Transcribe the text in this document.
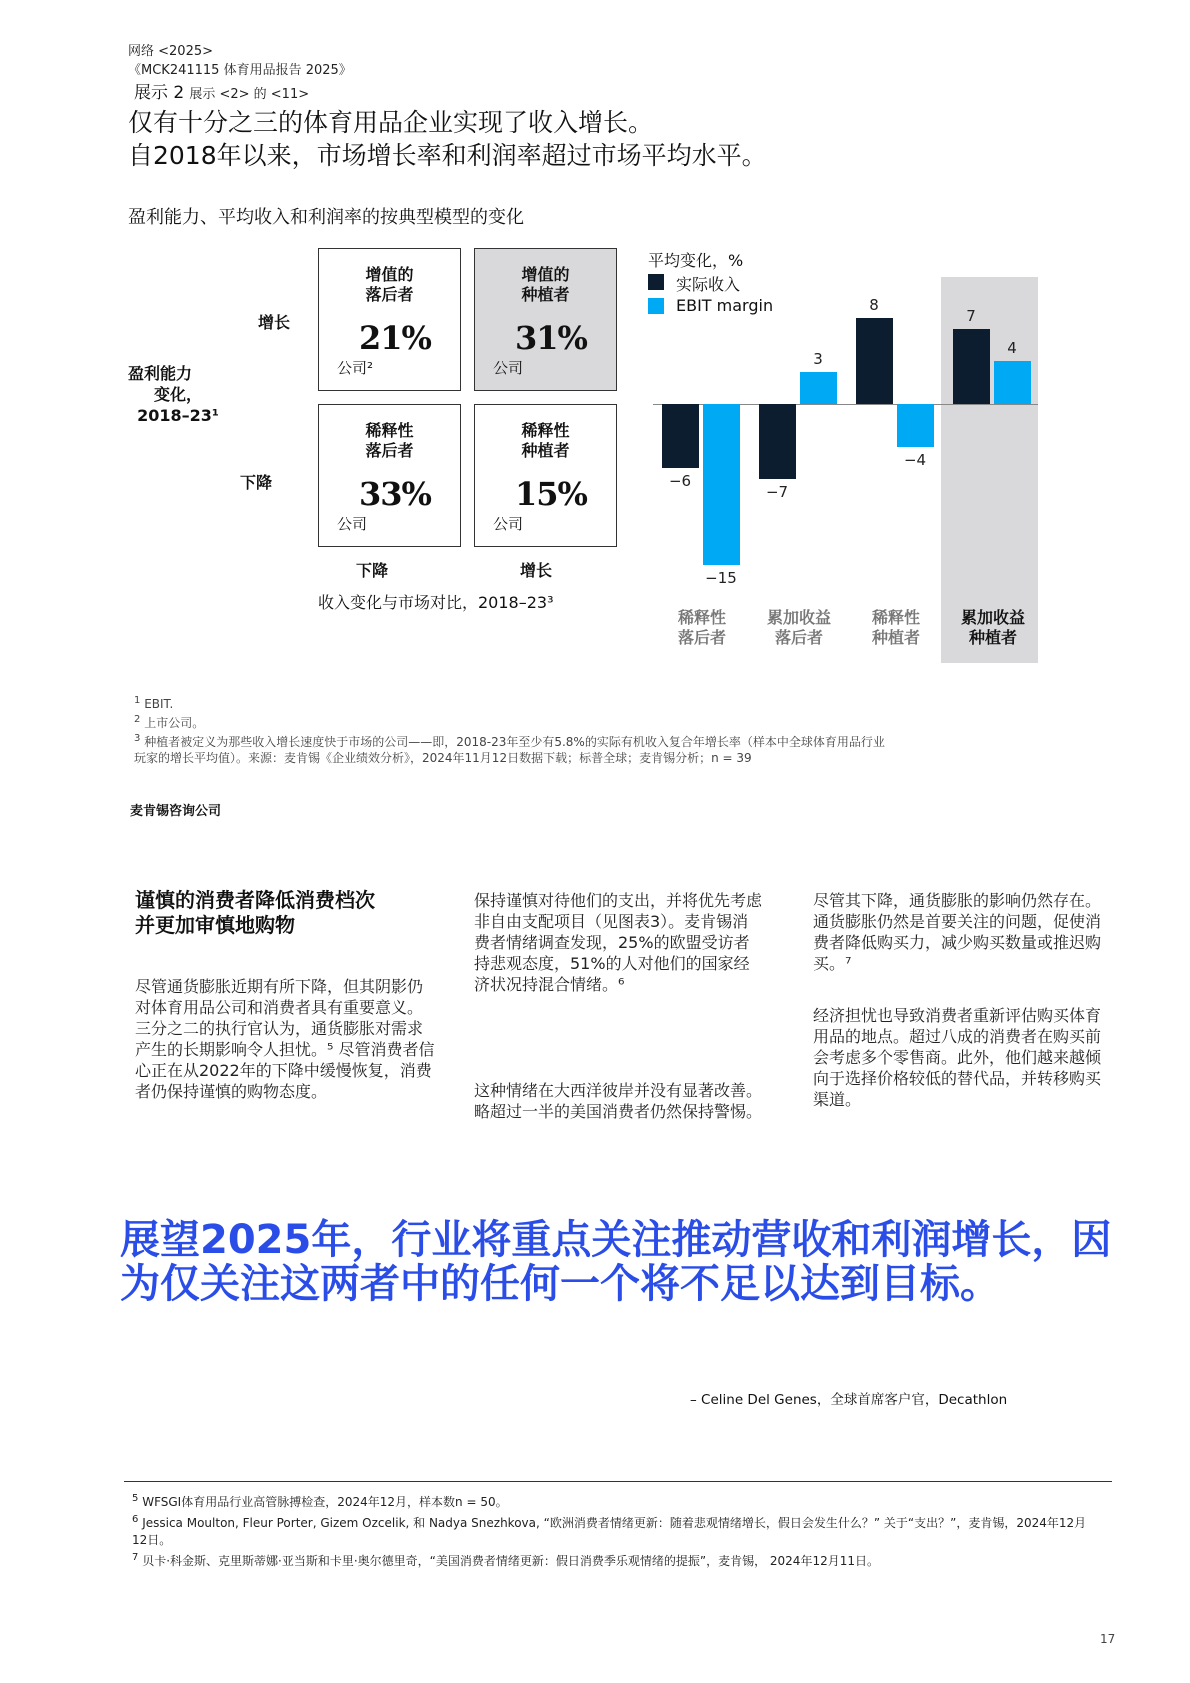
网络 <2025>
《MCK241115 体育用品报告 2025》
展示 2 展示 <2> 的 <11>
仅有十分之三的体育用品企业实现了收入增长。
自2018年以来，市场增长率和利润率超过市场平均水平。
盈利能力、平均收入和利润率的按典型模型的变化
增长
下降
盈利能力
变化，
2018–23¹
增值的
落后者
21%
公司²
增值的
种植者
31%
公司
稀释性
落后者
33%
公司
稀释性
种植者
15%
公司
下降	增长
收入变化与市场对比，2018–23³
平均变化，%
实际收入
EBIT margin
$^1$ EBIT.
$^2$ 上市公司。
$^3$ 种植者被定义为那些收入增长速度快于市场的公司——即，2018-23年至少有5.8%的实际有机收入复合年增长率（样本中全球体育用品行业
玩家的增长平均值）。来源：麦肯锡《企业绩效分析》，2024年11月12日数据下载；标普全球；麦肯锡分析；n = 39
麦肯锡咨询公司
谨慎的消费者降低消费档次
并更加审慎地购物
尽管通货膨胀近期有所下降，但其阴影仍对体育用品公司和消费者具有重要意义。三分之二的执行官认为，通货膨胀对需求产生的长期影响令人担忧。⁵ 尽管消费者信心正在从2022年的下降中缓慢恢复，消费者仍保持谨慎的购物态度。
保持谨慎对待他们的支出，并将优先考虑非自由支配项目（见图表3）。麦肯锡消费者情绪调查发现，25%的欧盟受访者持悲观态度，51%的人对他们的国家经济状况持混合情绪。⁶
这种情绪在大西洋彼岸并没有显著改善。略超过一半的美国消费者仍然保持警惕。
尽管其下降，通货膨胀的影响仍然存在。通货膨胀仍然是首要关注的问题，促使消费者降低购买力，减少购买数量或推迟购买。⁷
经济担忧也导致消费者重新评估购买体育用品的地点。超过八成的消费者在购买前会考虑多个零售商。此外，他们越来越倾向于选择价格较低的替代品，并转移购买渠道。
展望2025年，行业将重点关注推动营收和利润增长，因为仅关注这两者中的任何一个将不足以达到目标。
– Celine Del Genes，全球首席客户官，Decathlon
$^5$ WFSGI体育用品行业高管脉搏检查，2024年12月，样本数n = 50。
$^6$ Jessica Moulton, Fleur Porter, Gizem Ozcelik, 和 Nadya Snezhkova, “欧洲消费者情绪更新：随着悲观情绪增长，假日会发生什么？” 关于“支出？”，麦肯锡，2024年12月12日。
$^7$ 贝卡·科金斯、克里斯蒂娜·亚当斯和卡里·奥尔德里奇，“美国消费者情绪更新：假日消费季乐观情绪的提振”，麦肯锡， 2024年12月11日。
17
−6
−15
稀释性
落后者
−7
3
累加收益
落后者
8
−4
稀释性
种植者
7
4
累加收益
种植者
